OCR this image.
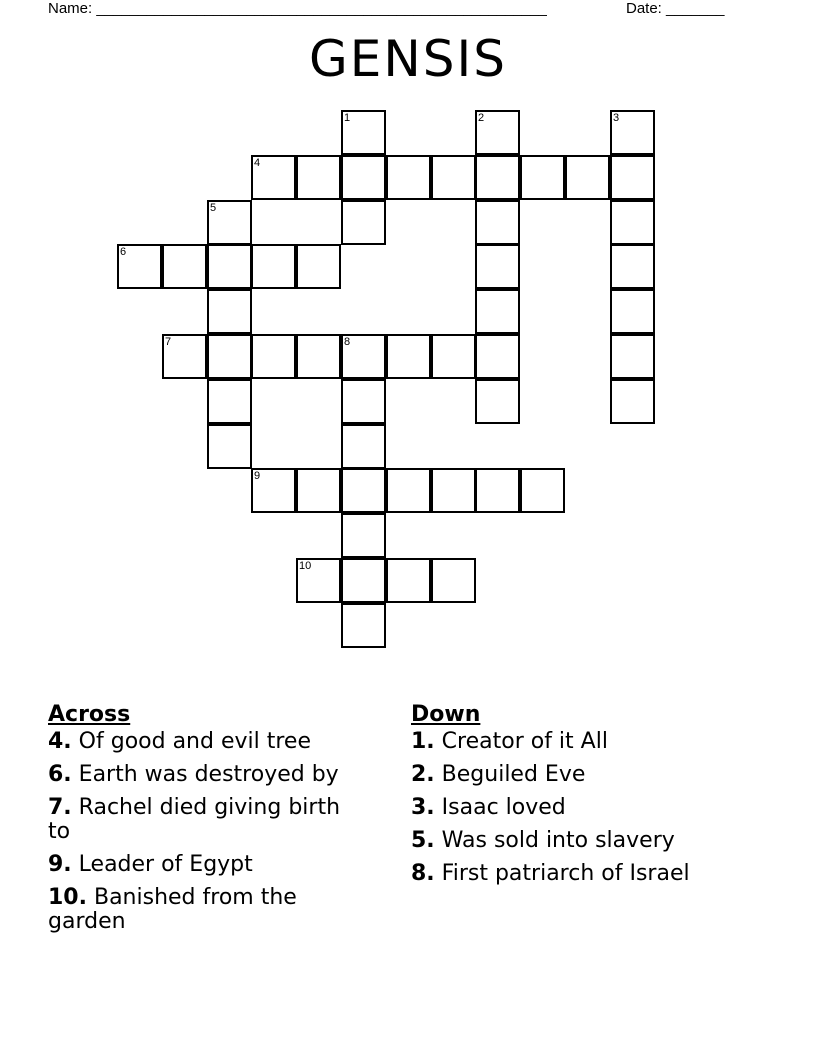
Name: ______________________________________________________	Date: _______
GENSIS
1	2	3
4
5
6
7	8
9
10
Across
4. Of good and evil tree
6. Earth was destroyed by
7. Rachel died giving birth to
9. Leader of Egypt
10. Banished from the garden
Down
1. Creator of it All
2. Beguiled Eve
3. Isaac loved
5. Was sold into slavery
8. First patriarch of Israel
